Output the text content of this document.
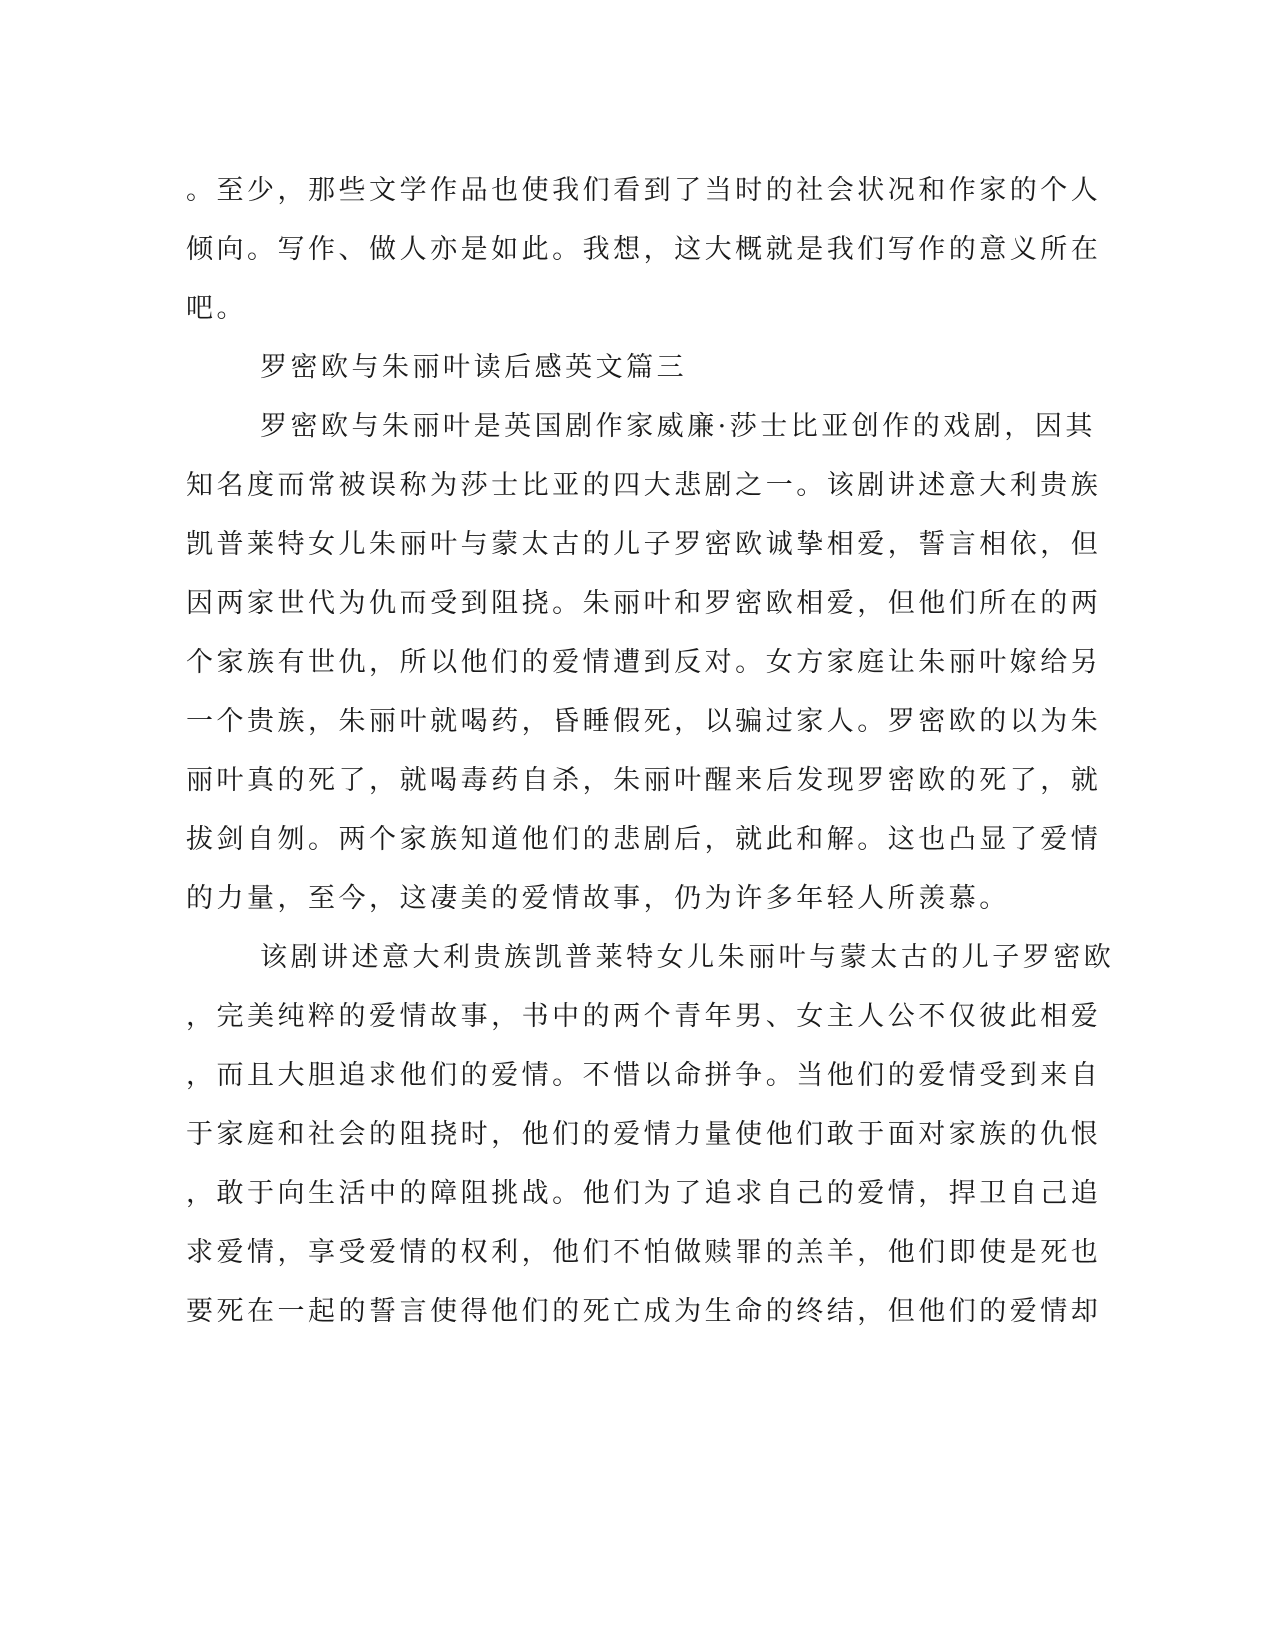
。至少，那些文学作品也使我们看到了当时的社会状况和作家的个人
倾向。写作、做人亦是如此。我想，这大概就是我们写作的意义所在
吧。
罗密欧与朱丽叶读后感英文篇三
罗密欧与朱丽叶是英国剧作家威廉·莎士比亚创作的戏剧，因其
知名度而常被误称为莎士比亚的四大悲剧之一。该剧讲述意大利贵族
凯普莱特女儿朱丽叶与蒙太古的儿子罗密欧诚挚相爱，誓言相依，但
因两家世代为仇而受到阻挠。朱丽叶和罗密欧相爱，但他们所在的两
个家族有世仇，所以他们的爱情遭到反对。女方家庭让朱丽叶嫁给另
一个贵族，朱丽叶就喝药，昏睡假死，以骗过家人。罗密欧的以为朱
丽叶真的死了，就喝毒药自杀，朱丽叶醒来后发现罗密欧的死了，就
拔剑自刎。两个家族知道他们的悲剧后，就此和解。这也凸显了爱情
的力量，至今，这凄美的爱情故事，仍为许多年轻人所羡慕。
该剧讲述意大利贵族凯普莱特女儿朱丽叶与蒙太古的儿子罗密欧
，完美纯粹的爱情故事，书中的两个青年男、女主人公不仅彼此相爱
，而且大胆追求他们的爱情。不惜以命拼争。当他们的爱情受到来自
于家庭和社会的阻挠时，他们的爱情力量使他们敢于面对家族的仇恨
，敢于向生活中的障阻挑战。他们为了追求自己的爱情，捍卫自己追
求爱情，享受爱情的权利，他们不怕做赎罪的羔羊，他们即使是死也
要死在一起的誓言使得他们的死亡成为生命的终结，但他们的爱情却
